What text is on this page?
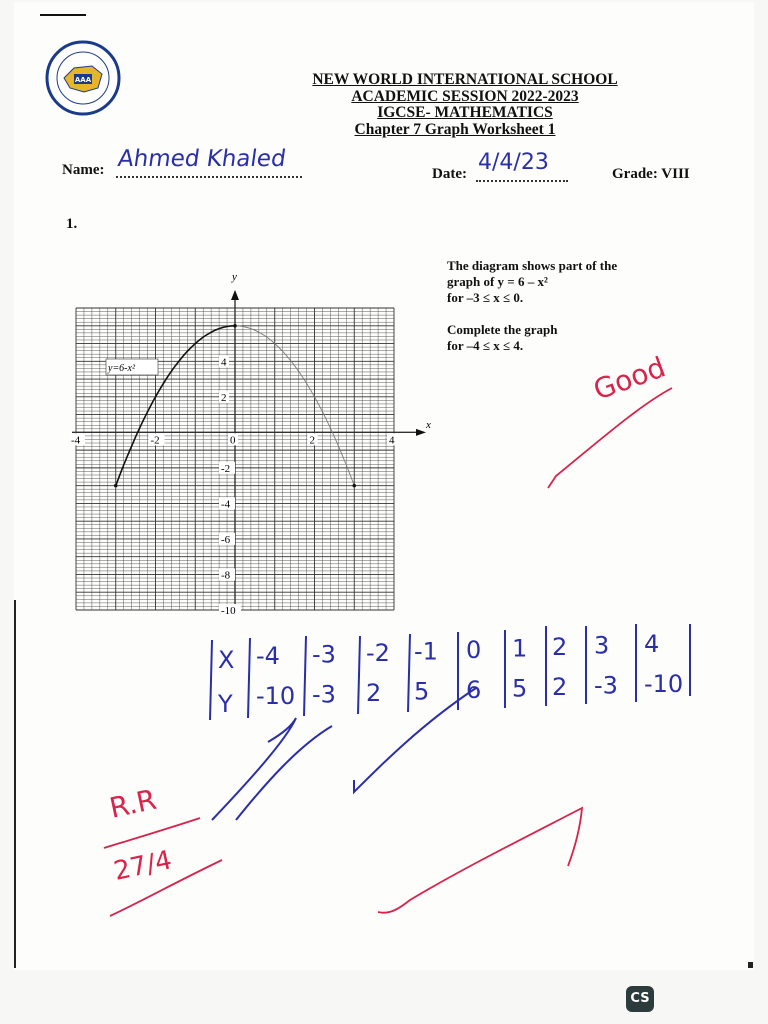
AAA	NEW WORLD INTERNATIONAL SCHOOL
ACADEMIC SESSION 2022-2023
IGCSE- MATHEMATICS
Chapter 7 Graph Worksheet 1
Name: Ahmed Khaled
Date: 4/4/23	Grade: VIII
1.

The diagram shows part of the
graph of y = 6 – x²
for –3 ≤ x ≤ 0.

Complete the graph
for –4 ≤ x ≤ 4.

-4	-2	0	2	4
4
2
-2
-4
-6
-8
-10
y
x
y=6-x²
X
Y
-4 -3 -2 -1 0 1 2 3 4
-10 -3 2 5 6 5 2 -3 -10
Good
R.R
27/4
CS
